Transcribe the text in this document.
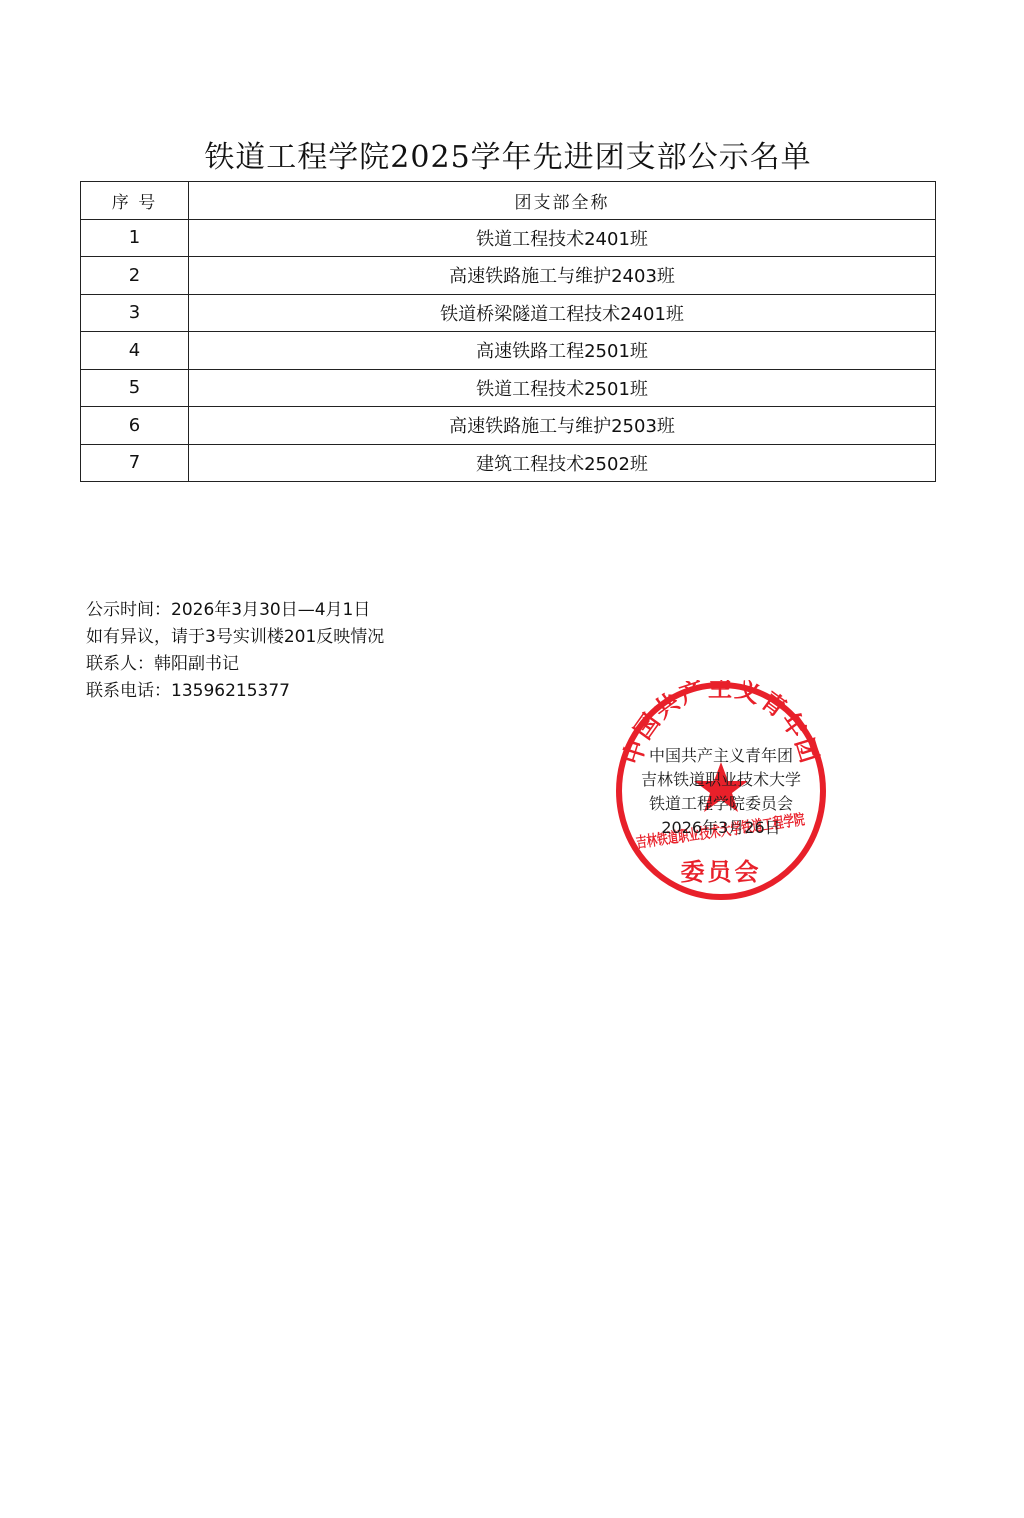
铁道工程学院2025学年先进团支部公示名单
序 号	团支部全称
1	铁道工程技术2401班
2	高速铁路施工与维护2403班
3	铁道桥梁隧道工程技术2401班
4	高速铁路工程2501班
5	铁道工程技术2501班
6	高速铁路施工与维护2503班
7	建筑工程技术2502班
公示时间：2026年3月30日—4月1日
如有异议，请于3号实训楼201反映情况
联系人：韩阳副书记
联系电话：13596215377
中国共产主义青年团
吉林铁道职业技术大学铁道工程学院
委员会
中国共产主义青年团
吉林铁道职业技术大学
铁道工程学院委员会
2026年3月26日
